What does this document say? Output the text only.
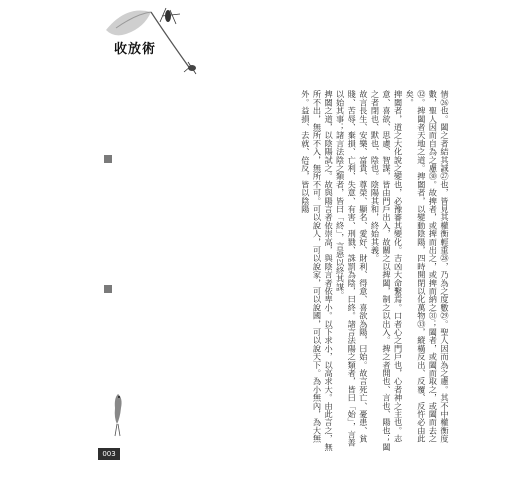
收放術

情㉖也。闔之者結其誠㉗也，皆見其權衡輕重㉘，乃為之度數㉙。聖人因而為之慮。其不中權衡度數，聖人因而自為之慮㉚。故捭者，或捭而出之，或捭而納之㉛；闔者，或闔而取之，或闔而去之㉜。捭闔者天地之道。捭闔者，以變動陰陽，四時開閉以化萬物㉝，縱橫反出、反覆、反忤必由此矣。

捭闔者，道之大化說之變也，必豫審其變化。吉凶大命繫焉。口者心之門戶也，心者神之主也。志意、喜欲、思慮、智謀，皆由門戶出入，故關之以捭闔，制之以出入。捭之者開也、言也、陽也；闔之者閉也、默也、陰也。陰陽其和，終始其義。

故言長生、安樂、富貴、尊榮、顯名、愛好、財利、得意、喜欲為陽，曰始。故言死亡、憂患、貧賤、苦辱、棄損、亡利、失意、有害、刑戮、誅罰為陰，曰終。諸言法陽之類者，皆曰「始」，言善以始其事；諸言法陰之類者，皆曰「終」，言惡以終其謀。

捭闔之道，以陰陽試之。故與陽言者依崇高，與陰言者依卑小。以下求小，以高求大。由此言之，無所不出，無所不入，無所不可。可以說人，可以說家，可以說國，可以說天下。為小無內，為大無外。益損、去就、倍反，皆以陰陽

003
